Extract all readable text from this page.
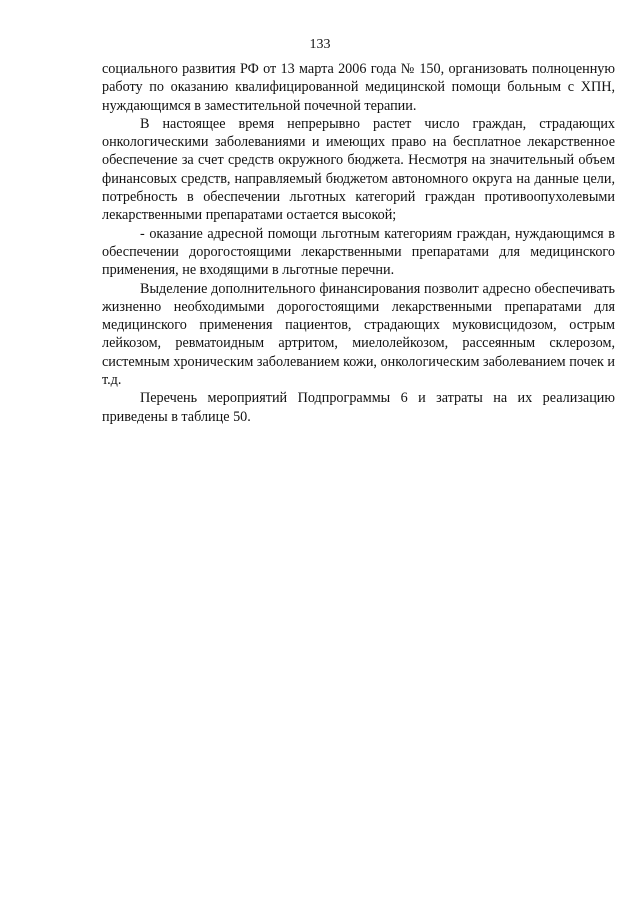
133

социального развития РФ от 13 марта 2006 года № 150, организовать полноценную работу по оказанию квалифицированной медицинской помощи больным с ХПН, нуждающимся в заместительной почечной терапии.

В настоящее время непрерывно растет число граждан, страдающих онкологическими заболеваниями и имеющих право на бесплатное лекарственное обеспечение за счет средств окружного бюджета. Несмотря на значительный объем финансовых средств, направляемый бюджетом автономного округа на данные цели, потребность в обеспечении льготных категорий граждан противоопухолевыми лекарственными препаратами остается высокой;

- оказание адресной помощи льготным категориям граждан, нуждающимся в обеспечении дорогостоящими лекарственными препаратами для медицинского применения, не входящими в льготные перечни.

Выделение дополнительного финансирования позволит адресно обеспечивать жизненно необходимыми дорогостоящими лекарственными препаратами для медицинского применения пациентов, страдающих муковисцидозом, острым лейкозом, ревматоидным артритом, миелолейкозом, рассеянным склерозом, системным хроническим заболеванием кожи, онкологическим заболеванием почек и т.д.

Перечень мероприятий Подпрограммы 6 и затраты на их реализацию приведены в таблице 50.
